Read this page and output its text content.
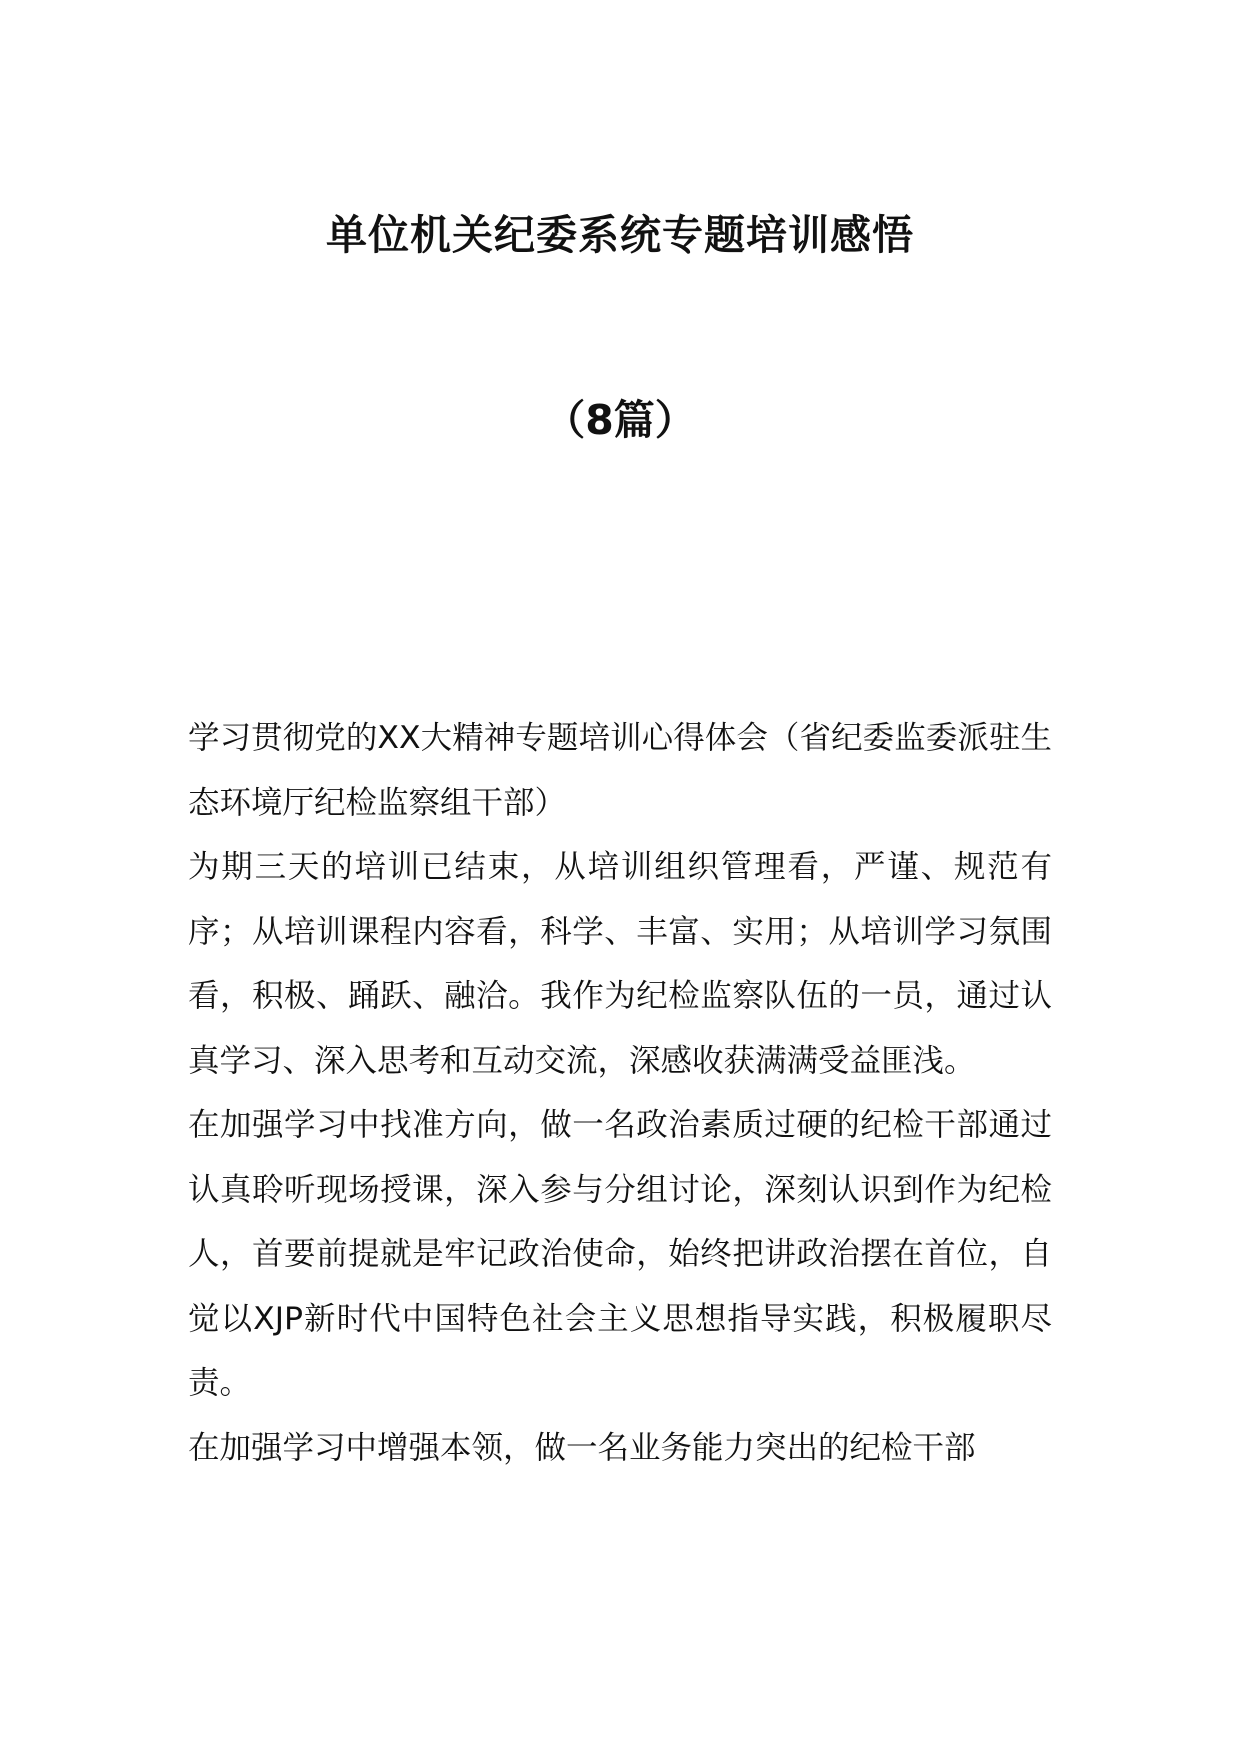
单位机关纪委系统专题培训感悟
（8篇）

学习贯彻党的XX大精神专题培训心得体会（省纪委监委派驻生态环境厅纪检监察组干部）

为期三天的培训已结束，从培训组织管理看，严谨、规范有序；从培训课程内容看，科学、丰富、实用；从培训学习氛围看，积极、踊跃、融洽。我作为纪检监察队伍的一员，通过认真学习、深入思考和互动交流，深感收获满满受益匪浅。

在加强学习中找准方向，做一名政治素质过硬的纪检干部通过认真聆听现场授课，深入参与分组讨论，深刻认识到作为纪检人，首要前提就是牢记政治使命，始终把讲政治摆在首位，自觉以XJP新时代中国特色社会主义思想指导实践，积极履职尽责。

在加强学习中增强本领，做一名业务能力突出的纪检干部
